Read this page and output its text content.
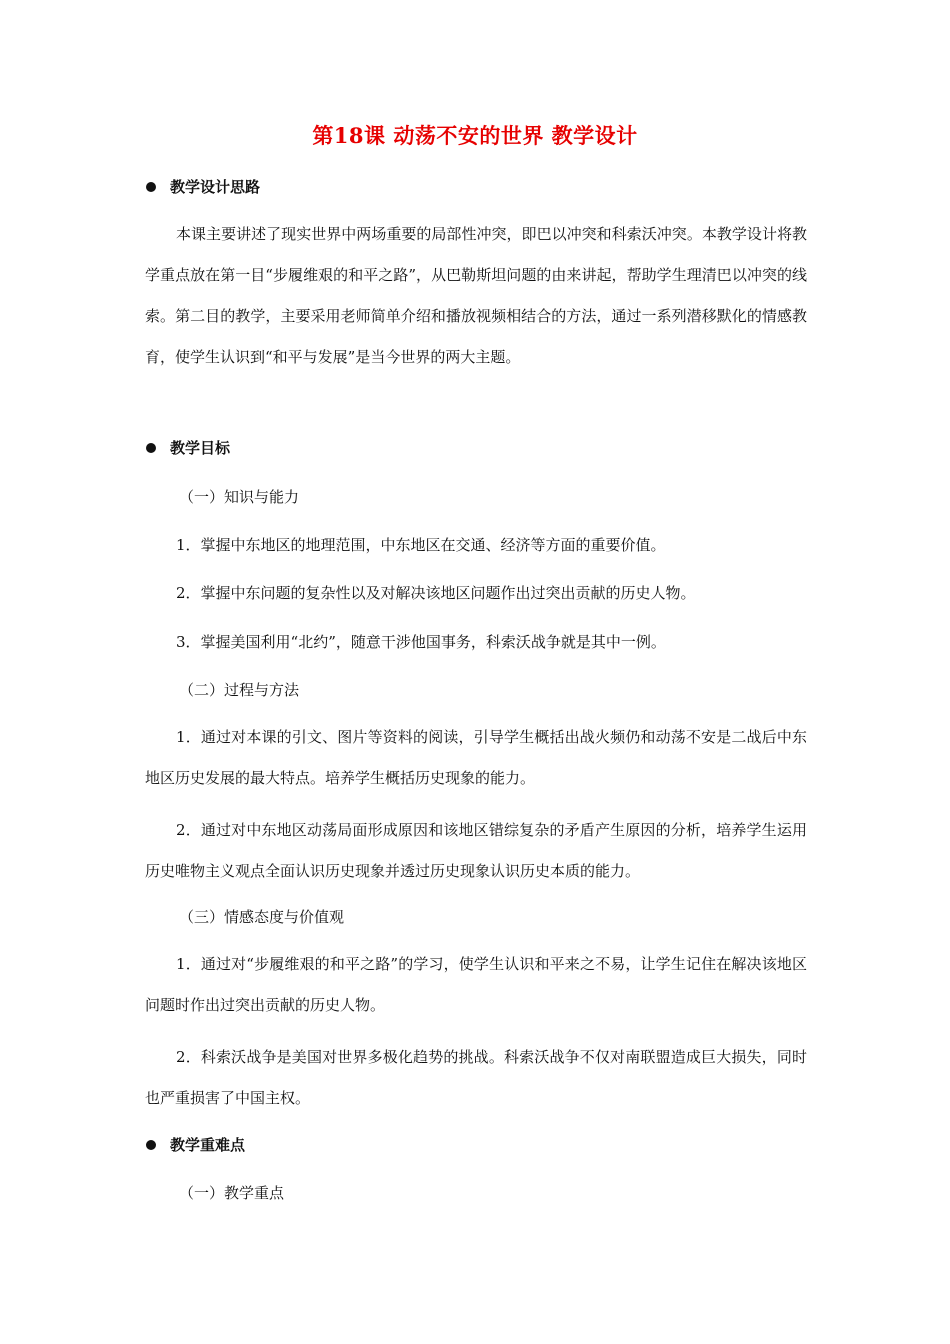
第18课 动荡不安的世界 教学设计
教学设计思路

本课主要讲述了现实世界中两场重要的局部性冲突，即巴以冲突和科索沃冲突。本教学设计将教学重点放在第一目“步履维艰的和平之路”，从巴勒斯坦问题的由来讲起，帮助学生理清巴以冲突的线索。第二目的教学，主要采用老师简单介绍和播放视频相结合的方法，通过一系列潜移默化的情感教育，使学生认识到“和平与发展”是当今世界的两大主题。

教学目标
（一）知识与能力
1．掌握中东地区的地理范围，中东地区在交通、经济等方面的重要价值。
2．掌握中东问题的复杂性以及对解决该地区问题作出过突出贡献的历史人物。
3．掌握美国利用“北约”，随意干涉他国事务，科索沃战争就是其中一例。
（二）过程与方法

1．通过对本课的引文、图片等资料的阅读，引导学生概括出战火频仍和动荡不安是二战后中东地区历史发展的最大特点。培养学生概括历史现象的能力。

2．通过对中东地区动荡局面形成原因和该地区错综复杂的矛盾产生原因的分析，培养学生运用历史唯物主义观点全面认识历史现象并透过历史现象认识历史本质的能力。

（三）情感态度与价值观

1．通过对“步履维艰的和平之路”的学习，使学生认识和平来之不易，让学生记住在解决该地区问题时作出过突出贡献的历史人物。

2．科索沃战争是美国对世界多极化趋势的挑战。科索沃战争不仅对南联盟造成巨大损失，同时也严重损害了中国主权。

教学重难点
（一）教学重点
